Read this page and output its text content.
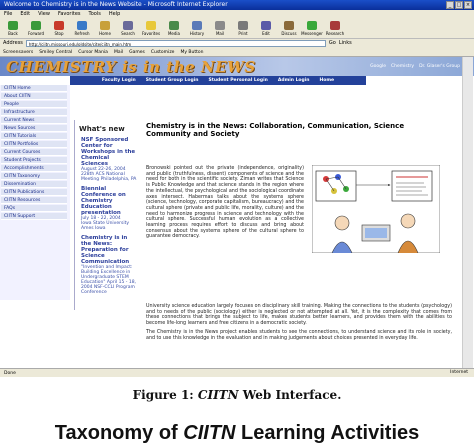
Welcome to Chemistry is in the News Website - Microsoft Internet Explorer	_	□ ×
File Edit View Favorites Tools Help
Back	Forward	Stop	Refresh Home	Search Favorites Media History	Mail	Print	Edit	Discuss Messenger Research
Address	http://ciitn.missouri.edu/oldsite/cite/ciitn_main.htm	Go Links
Screensavers Smiley Central Cursor Mania Mail Games Customize My Button
CHEMISTRY is in the NEWS	Google Chemistry Dr. Glaser's Group
Faculty Login	Student Group Login	Student Personal Login	Admin Login	Home
CIITN Home
About CIITN
People
Infrastructure
Current News
News Sources
CIITN Tutorials
CIITN Portfolios
Current Courses
Student Projects
Accomplishments
CIITN Taxonomy
Dissemination
CIITN Publications
CIITN Resources
FAQs
CIITN Support
What's new
NSF Sponsored Center for Workshops in the Chemical Sciences
August 22-26, 2004
228th ACS National Meeting Philadelphia, PA
Biennial Conference on Chemistry Education presentation
July 18 - 22, 2004
Iowa State University Ames Iowa
Chemistry is in the News: Preparation for Science Communication
"Invention and Impact: Building Excellence in Undergraduate STEM Education" April 15 - 18, 2004 NSF-CCLI Program Conference
Chemistry is in the News: Collaboration, Communication, Science Community and Society
Bronowski pointed out the private (independence, originality) and public (truthfulness, dissent) components of science and the need for both in the scientific society. Ziman writes that Science is Public Knowledge and that science stands in the region where the intellectual, the psychological and the sociological coordinate axes intersect. Habermas talks about the systems sphere (science, technology, corporate capitalism, bureaucracy) and the cultural sphere (private and public life, morality, culture) and the need to harmonize progress in science and technology with the cultural sphere. Successful human evolution as a collective learning process requires effort to discuss and bring about consensus about the systems sphere of the cultural sphere to guarantee democracy.
University science education largely focuses on disciplinary skill training. Making the connections to the students (psychology) and to needs of the public (sociology) either is neglected or not attempted at all. Yet, it is the complexity that comes from these connections that brings the subject to life, makes students better learners, and provides them with the abilities to become life-long learners and free citizens in a democratic society.
The Chemistry is in the News project enables students to see the connections, to understand science and its role in society, and to use this knowledge in the evaluation and in making judgements about choices presented in everyday life.
Done	Internet
Figure 1: CIITN Web Interface.
Taxonomy of CIITN Learning Activities
